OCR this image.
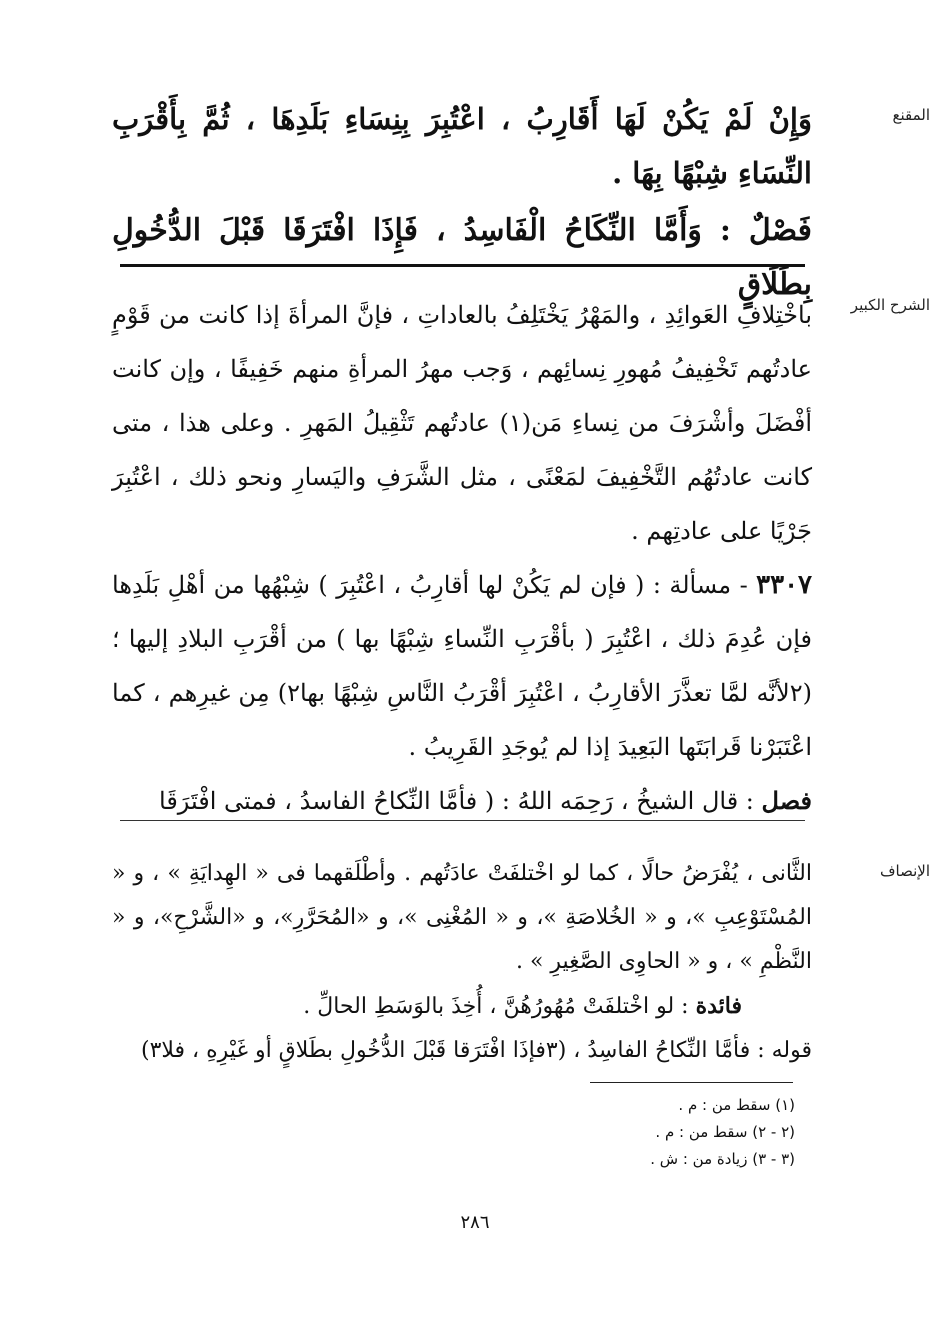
المقنع

وَإِنْ لَمْ يَكُنْ لَهَا أَقَارِبُ ، اعْتُبِرَ بِنِسَاءِ بَلَدِهَا ، ثُمَّ بِأَقْرَبِ النِّسَاءِ شِبْهًا بِهَا .

فَصْلٌ : وَأَمَّا النِّكَاحُ الْفَاسِدُ ، فَإِذَا افْتَرَقَا قَبْلَ الدُّخُولِ بِطَلَاقٍ

الشرح الكبير

باخْتِلافِ العَوائِدِ ، والمَهْرُ يَخْتَلِفُ بالعاداتِ ، فإنَّ المرأةَ إذا كانت من قَوْمٍ عادتُهم تَخْفِيفُ مُهورِ نِسائِهم ، وَجب مهرُ المرأةِ منهم خَفِيفًا ، وإن كانت أفْضَلَ وأشْرَفَ من نِساءِ مَن(١) عادتُهم تَثْقِيلُ المَهرِ . وعلى هذا ، متى كانت عادتُهُم التَّخْفِيفَ لمَعْنًى ، مثل الشَّرَفِ واليَسارِ ونحو ذلك ، اعْتُبِرَ جَرْيًا على عادتِهم .

٣٣٠٧ - مسألة : ( فإن لم يَكُنْ لها أقارِبُ ، اعْتُبِرَ ) شِبْهُها من أهْلِ بَلَدِها فإن عُدِمَ ذلك ، اعْتُبِرَ ( بأقْرَبِ النِّساءِ شِبْهًا بها ) من أقْرَبِ البلادِ إليها ؛ (٢لأنَّه لمَّا تعذَّرَ الأقارِبُ ، اعْتُبِرَ أقْرَبُ النَّاسِ شِبْهًا بها٢) مِن غيرِهم ، كما اعْتَبَرْنا قَرابَتَها البَعِيدَ إذا لم يُوجَدِ القَرِيبُ .

فصل : قال الشيخُ ، رَحِمَه اللهُ : ( فأمَّا النِّكاحُ الفاسدُ ، فمتى افْتَرَقَا

الإنصاف

الثَّانى ، يُفْرَضُ حالًا ، كما لو اخْتلفَتْ عادَتُهم . وأطْلَقهما فى « الهِدايَةِ » ، و « المُسْتَوْعِبِ »، و « الخُلاصَةِ »، و « المُغْنِى »، و «المُحَرَّرِ»، و «الشَّرْحِ»، و « النَّظْمِ » ، و « الحاوِى الصَّغِيرِ » .

فائدة : لو اخْتلفَتْ مُهُورُهُنَّ ، أُخِذَ بالوَسَطِ الحالِّ .

قوله : فأمَّا النِّكاحُ الفاسِدُ ، (٣فإذَا افْتَرَقا قَبْلَ الدُّخُولِ بطَلاقٍ أو غَيْرِهِ ، فلا٣)

(١) سقط من : م .
(٢ - ٢) سقط من : م .
(٣ - ٣) زيادة من : ش .
٢٨٦
